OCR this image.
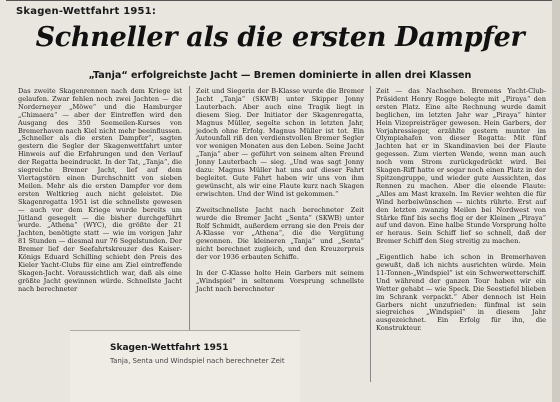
Skagen-Wettfahrt 1951:
Schneller als die ersten Dampfer
„Tanja“ erfolgreichste Jacht — Bremen dominierte in allen drei Klassen

Das zweite Skagenrennen nach dem Kriege ist gelaufen. Zwar fehlen noch zwei Jachten — die Norderneyer „Möwe“ und die Hamburger „Chimaera“ — aber der Eintreffen wird den Ausgang des 350 Seemeilen-Kurses von Bremerhaven nach Kiel nicht mehr beeinflussen. „Schneller als die ersten Dampfer“, sagten gestern die Segler der Skagenwettfahrt unter Hinweis auf die Erfahrungen und den Verlauf der Regatta beeindruckt. In der Tat, „Tanja“, die siegreiche Bremer Jacht, lief auf dem Viertagstörn einen Durchschnitt von sieben Meilen. Mehr als die ersten Dampfer vor dem ersten Weltkrieg auch nicht geleistet. Die Skagenregatta 1951 ist die schnellste gewesen — auch vor dem Kriege wurde bereits um Jütland gesegelt — die bisher durchgeführt wurde. „Athena“ (WYC), die größte der 21 Jachten, benötigte statt — wie im vorigen Jahr 81 Stunden — diesmal nur 76 Segelstunden. Der Bremer lief der Seefahrtskreuzer des Kaiser-Königs Eduard Schilling schiebt den Preis des Kieler Yacht-Clubs für eine am Ziel eintreffende Skagen-Jacht. Voraussichtlich war, daß als eine größte Jacht gewinnen würde. Schnellste Jacht nach berechneter

Zeit und Siegerin der B-Klasse wurde die Bremer Jacht „Tanja“ (SKWB) unter Skipper Jonny Lauterbach. Aber auch eine Tragik liegt in diesem Sieg. Der Initiator der Skagenregatta, Magnus Müller, segelte schon in letzten Jahr, jedoch ohne Erfolg. Magnus Müller ist tot. Ein Autounfall riß den verdienstvollen Bremer Segler vor wenigen Monaten aus den Leben. Seine Jacht „Tanja“ aber — geführt von seinem alten Freund Jonny Lauterbach — sieg. „Und was sagt Jonny dazu: Magnus Müller hat uns auf dieser Fahrt begleitet. Gute Fahrt haben wir uns von ihm gewünscht, als wir eine Flaute kurz nach Skagen erwischten. Und der Wind ist gekommen.“

Zweitschnellste Jacht nach berechneter Zeit wurde die Bremer Jacht „Senta“ (SKWB) unter Rolf Schmidt, außerdem errang sie den Preis der A-Klasse vor „Athena“, die die Vergütung gewonnen. Die kleineren „Tanja“ und „Senta“ nicht berechnet zugleich, und den Kreuzerpreis der vor 1936 erbauten Schiffe.

In der C-Klasse holte Hein Garbers mit seinem „Windspiel“ in seltenem Vorsprung schnellste Jacht nach berechneter

Zeit — das Nachsehen. Bremens Yacht-Club-Präsident Henry Rogge belegte mit „Piraya“ den ersten Platz. Eine alte Rechnung wurde damit beglichen, im letzten Jahr war „Piraya“ hinter Hein Vizepreisträger gewesen. Hein Garbers, der Vorjahressieger, erzählte gestern munter im Olympiahafen von dieser Regatta: Mit fünf Jachten hat er in Skandinavien bei der Flaute gegessen. Zum vierten Wende, wenn man auch noch vom Strom zurückgedrückt wird. Bei Skagen-Riff hatte er sogar noch einen Platz in der Spitzengruppe, und wieder gute Aussichten, das Rennen zu machen. Aber die eleende Flaute: „Alles am Mast kraxeln. Im Revier wehten die für Wind herbeiwünschen — nichts rührte. Erst auf den letzten zwanzig Meilen bei Nordwest von Stärke fünf bis sechs flog er der Kleinen „Piraya“ auf und davon. Eine halbe Stunde Vorsprung holte er heraus. Sein Schiff lief so schnell, daß der Bremer Schiff den Sieg streitig zu machen.

„Eigentlich habe ich schon in Bremerhaven gewußt, daß ich nichts ausrichten würde. Mein 11-Tonnen-„Windspiel“ ist ein Schwerwetterschiff. Und während der ganzen Tour haben wir ein Wetter gehabt — wie Speck. Die Seestiefel blieben im Schrank verpackt.“ Aber dennoch ist Hein Garbers nicht unzufrieden: fünfmal ist sein siegreiches „Windspiel“ in diesem Jahr ausgezeichnet. Ein Erfolg für ihn, die Konstrukteur.

Skagen-Wettfahrt 1951
Tanja, Senta und Windspiel nach berechneter Zeit
